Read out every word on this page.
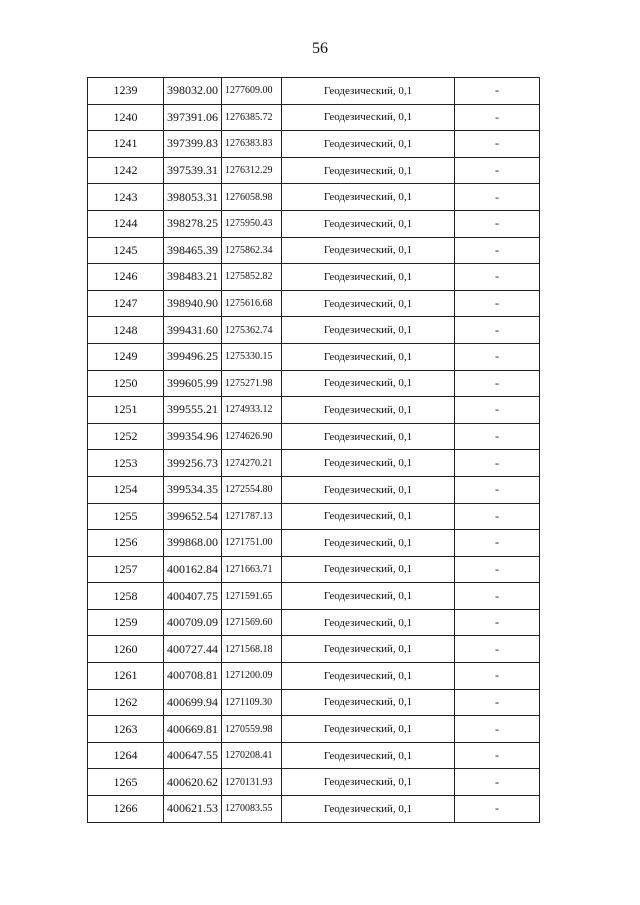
56
1239	398032.00	1277609.00	Геодезический, 0,1	-
1240	397391.06	1276385.72	Геодезический, 0,1	-
1241	397399.83	1276383.83	Геодезический, 0,1	-
1242	397539.31	1276312.29	Геодезический, 0,1	-
1243	398053.31	1276058.98	Геодезический, 0,1	-
1244	398278.25	1275950.43	Геодезический, 0,1	-
1245	398465.39	1275862.34	Геодезический, 0,1	-
1246	398483.21	1275852.82	Геодезический, 0,1	-
1247	398940.90	1275616.68	Геодезический, 0,1	-
1248	399431.60	1275362.74	Геодезический, 0,1	-
1249	399496.25	1275330.15	Геодезический, 0,1	-
1250	399605.99	1275271.98	Геодезический, 0,1	-
1251	399555.21	1274933.12	Геодезический, 0,1	-
1252	399354.96	1274626.90	Геодезический, 0,1	-
1253	399256.73	1274270.21	Геодезический, 0,1	-
1254	399534.35	1272554.80	Геодезический, 0,1	-
1255	399652.54	1271787.13	Геодезический, 0,1	-
1256	399868.00	1271751.00	Геодезический, 0,1	-
1257	400162.84	1271663.71	Геодезический, 0,1	-
1258	400407.75	1271591.65	Геодезический, 0,1	-
1259	400709.09	1271569.60	Геодезический, 0,1	-
1260	400727.44	1271568.18	Геодезический, 0,1	-
1261	400708.81	1271200.09	Геодезический, 0,1	-
1262	400699.94	1271109.30	Геодезический, 0,1	-
1263	400669.81	1270559.98	Геодезический, 0,1	-
1264	400647.55	1270208.41	Геодезический, 0,1	-
1265	400620.62	1270131.93	Геодезический, 0,1	-
1266	400621.53	1270083.55	Геодезический, 0,1	-
